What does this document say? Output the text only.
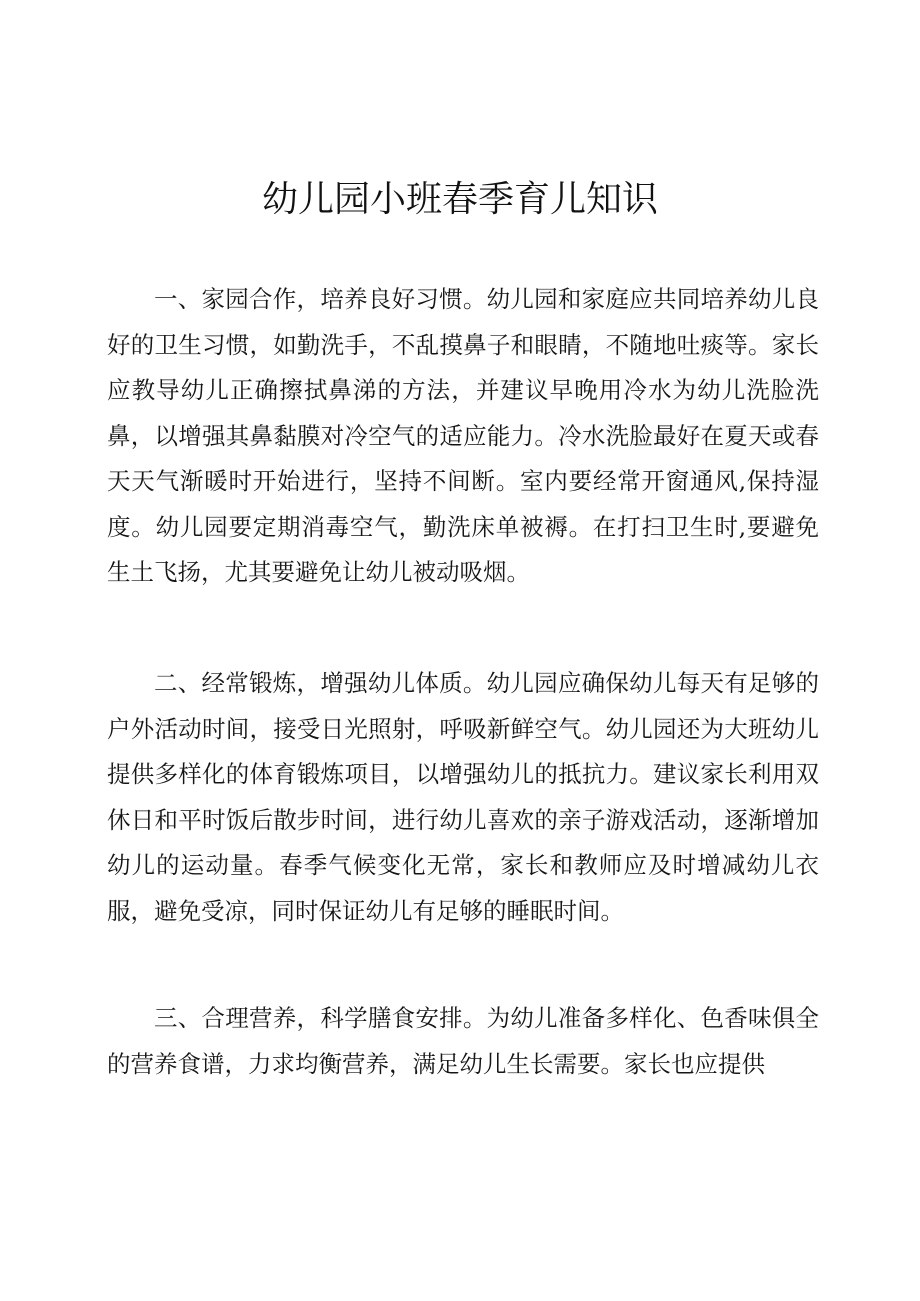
幼儿园小班春季育儿知识

一、家园合作，培养良好习惯。幼儿园和家庭应共同培养幼儿良好的卫生习惯，如勤洗手，不乱摸鼻子和眼睛，不随地吐痰等。家长应教导幼儿正确擦拭鼻涕的方法，并建议早晚用冷水为幼儿洗脸洗鼻，以增强其鼻黏膜对冷空气的适应能力。冷水洗脸最好在夏天或春天天气渐暖时开始进行，坚持不间断。室内要经常开窗通风,保持湿度。幼儿园要定期消毒空气，勤洗床单被褥。在打扫卫生时,要避免生土飞扬，尤其要避免让幼儿被动吸烟。

二、经常锻炼，增强幼儿体质。幼儿园应确保幼儿每天有足够的户外活动时间，接受日光照射，呼吸新鲜空气。幼儿园还为大班幼儿提供多样化的体育锻炼项目，以增强幼儿的抵抗力。建议家长利用双休日和平时饭后散步时间，进行幼儿喜欢的亲子游戏活动，逐渐增加幼儿的运动量。春季气候变化无常，家长和教师应及时增减幼儿衣服，避免受凉，同时保证幼儿有足够的睡眠时间。

三、合理营养，科学膳食安排。为幼儿准备多样化、色香味俱全的营养食谱，力求均衡营养，满足幼儿生长需要。家长也应提供
